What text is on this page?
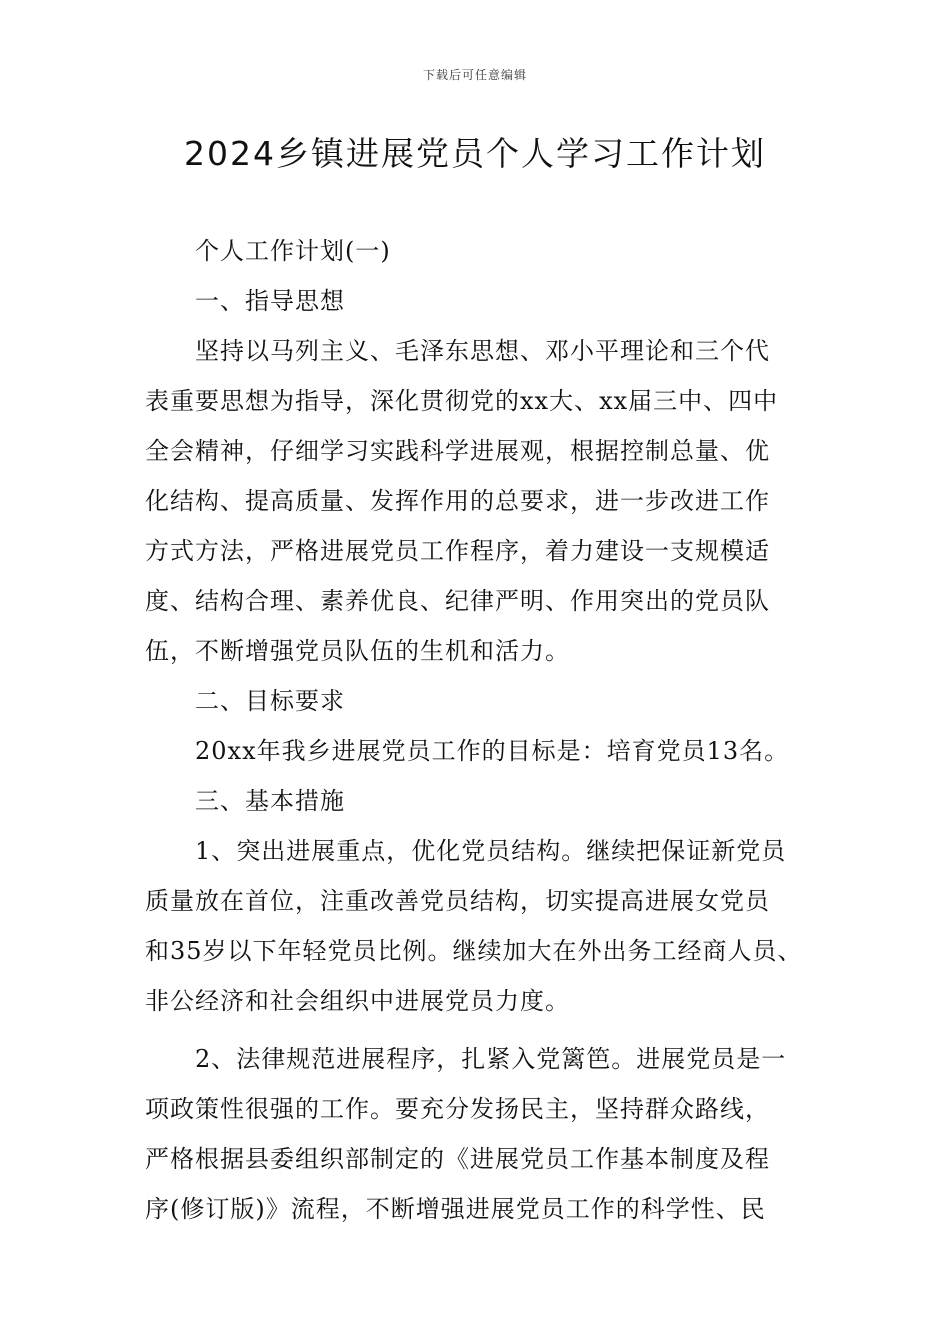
下载后可任意编辑
2024乡镇进展党员个人学习工作计划
个人工作计划(一)
一、指导思想
坚持以马列主义、毛泽东思想、邓小平理论和三个代
表重要思想为指导，深化贯彻党的xx大、xx届三中、四中
全会精神，仔细学习实践科学进展观，根据控制总量、优
化结构、提高质量、发挥作用的总要求，进一步改进工作
方式方法，严格进展党员工作程序，着力建设一支规模适
度、结构合理、素养优良、纪律严明、作用突出的党员队
伍，不断增强党员队伍的生机和活力。
二、目标要求
20xx年我乡进展党员工作的目标是：培育党员13名。
三、基本措施
1、突出进展重点，优化党员结构。继续把保证新党员
质量放在首位，注重改善党员结构，切实提高进展女党员
和35岁以下年轻党员比例。继续加大在外出务工经商人员、
非公经济和社会组织中进展党员力度。
2、法律规范进展程序，扎紧入党篱笆。进展党员是一
项政策性很强的工作。要充分发扬民主，坚持群众路线，
严格根据县委组织部制定的《进展党员工作基本制度及程
序(修订版)》流程，不断增强进展党员工作的科学性、民
